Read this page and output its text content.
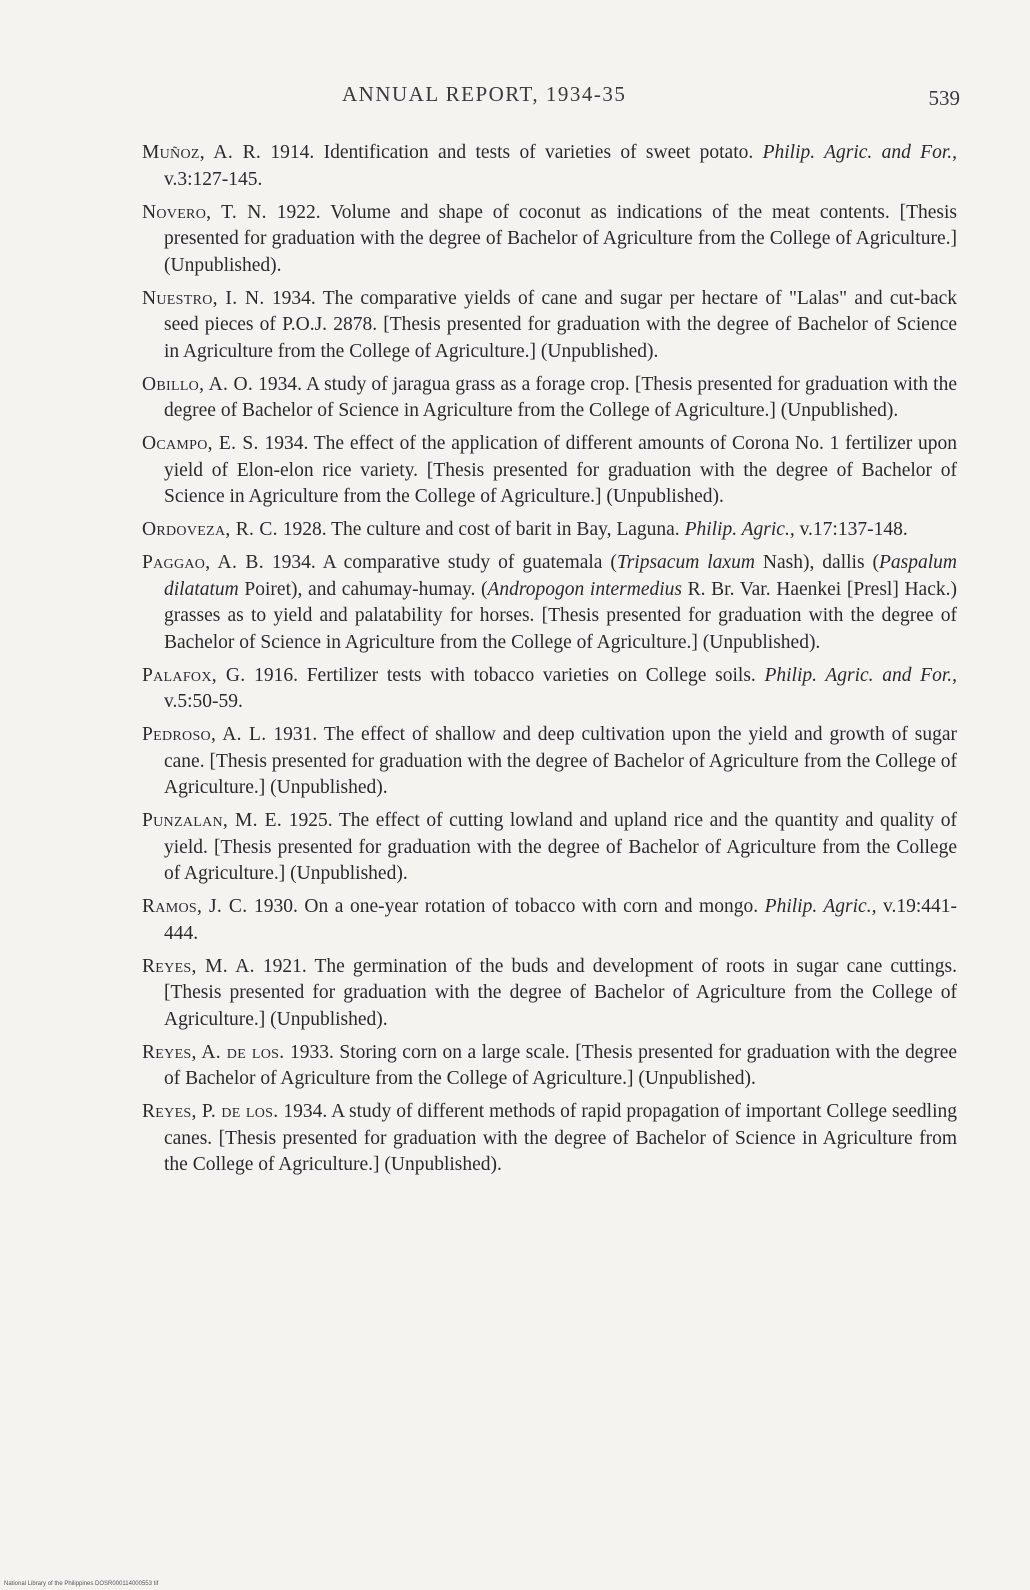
ANNUAL REPORT, 1934-35	539

Muñoz, A. R. 1914. Identification and tests of varieties of sweet potato. Philip. Agric. and For., v.3:127-145.

Novero, T. N. 1922. Volume and shape of coconut as indications of the meat contents. [Thesis presented for graduation with the degree of Bachelor of Agriculture from the College of Agriculture.] (Unpublished).

Nuestro, I. N. 1934. The comparative yields of cane and sugar per hectare of "Lalas" and cut-back seed pieces of P.O.J. 2878. [Thesis presented for graduation with the degree of Bachelor of Science in Agriculture from the College of Agriculture.] (Unpublished).

Obillo, A. O. 1934. A study of jaragua grass as a forage crop. [Thesis presented for graduation with the degree of Bachelor of Science in Agriculture from the College of Agriculture.] (Unpublished).

Ocampo, E. S. 1934. The effect of the application of different amounts of Corona No. 1 fertilizer upon yield of Elon-elon rice variety. [Thesis presented for graduation with the degree of Bachelor of Science in Agriculture from the College of Agriculture.] (Unpublished).

Ordoveza, R. C. 1928. The culture and cost of barit in Bay, Laguna. Philip. Agric., v.17:137-148.

Paggao, A. B. 1934. A comparative study of guatemala (Tripsacum laxum Nash), dallis (Paspalum dilatatum Poiret), and cahumay-humay. (Andropogon intermedius R. Br. Var. Haenkei [Presl] Hack.) grasses as to yield and palatability for horses. [Thesis presented for graduation with the degree of Bachelor of Science in Agriculture from the College of Agriculture.] (Unpublished).

Palafox, G. 1916. Fertilizer tests with tobacco varieties on College soils. Philip. Agric. and For., v.5:50-59.

Pedroso, A. L. 1931. The effect of shallow and deep cultivation upon the yield and growth of sugar cane. [Thesis presented for graduation with the degree of Bachelor of Agriculture from the College of Agriculture.] (Unpublished).

Punzalan, M. E. 1925. The effect of cutting lowland and upland rice and the quantity and quality of yield. [Thesis presented for graduation with the degree of Bachelor of Agriculture from the College of Agriculture.] (Unpublished).

Ramos, J. C. 1930. On a one-year rotation of tobacco with corn and mongo. Philip. Agric., v.19:441-444.

Reyes, M. A. 1921. The germination of the buds and development of roots in sugar cane cuttings. [Thesis presented for graduation with the degree of Bachelor of Agriculture from the College of Agriculture.] (Unpublished).

Reyes, A. de los. 1933. Storing corn on a large scale. [Thesis presented for graduation with the degree of Bachelor of Agriculture from the College of Agriculture.] (Unpublished).

Reyes, P. de los. 1934. A study of different methods of rapid propagation of important College seedling canes. [Thesis presented for graduation with the degree of Bachelor of Science in Agriculture from the College of Agriculture.] (Unpublished).

National Library of the Philippines DOSR000114000553 tif
